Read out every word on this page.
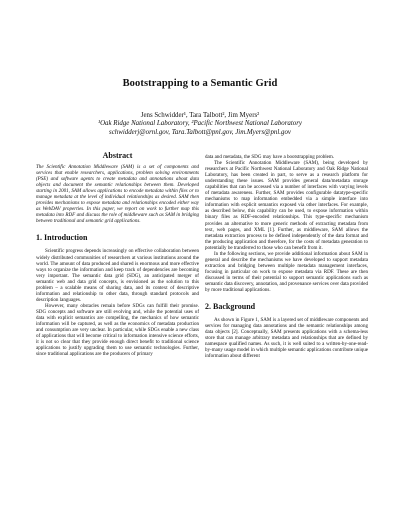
Bootstrapping to a Semantic Grid
Jens Schwidder¹, Tara Talbott², Jim Myers²
¹Oak Ridge National Laboratory, ²Pacific Northwest National Laboratory
schwidderj@ornl.gov, Tara.Talbott@pnl.gov, Jim.Myers@pnl.gov
Abstract

The Scientific Annotation Middleware (SAM) is a set of components and services that enable researchers, applications, problem solving environments (PSE) and software agents to create metadata and annotations about data objects and document the semantic relationships between them. Developed starting in 2001, SAM allows applications to encode metadata within files or to manage metadata at the level of individual relationships as desired. SAM then provides mechanisms to expose metadata and relationships encoded either way as WebDAV properties. In this paper, we report on work to further map this metadata into RDF and discuss the role of middleware such as SAM in bridging between traditional and semantic grid applications.

1. Introduction

Scientific progress depends increasingly on effective collaboration between widely distributed communities of researchers at various institutions around the world. The amount of data produced and shared is enormous and more effective ways to organize the information and keep track of dependencies are becoming very important. The semantic data grid (SDG), an anticipated merger of semantic web and data grid concepts, is envisioned as the solution to this problem – a scalable means of sharing data, and its context of descriptive information and relationship to other data, through standard protocols and description languages.

However, many obstacles remain before SDGs can fulfill their promise. SDG concepts and software are still evolving and, while the potential uses of data with explicit semantics are compelling, the mechanics of how semantic information will be captured, as well as the economics of metadata production and consumption are very unclear. In particular, while SDGs enable a new class of applications that will become critical to information intensive science efforts, it is not so clear that they provide enough direct benefit to traditional science applications to justify upgrading them to use semantic technologies. Further, since traditional applications are the producers of primary

data and metadata, the SDG may have a bootstrapping problem.

The Scientific Annotation Middleware (SAM), being developed by researchers at Pacific Northwest National Laboratory and Oak Ridge National Laboratory, has been created in part, to serve as a research platform for understanding these issues. SAM provides general data/metadata storage capabilities that can be accessed via a number of interfaces with varying levels of metadata awareness. Further, SAM provides configurable datatype-specific mechanisms to map information embedded via a simple interface into information with explicit semantics exposed via other interfaces. For example, as described below, this capability can be used, to expose information within binary files as RDF-encoded relationships. This type-specific mechanism provides an alternative to more generic methods of extracting metadata from text, web pages, and XML [1]. Further, as middleware, SAM allows the metadata extraction process to be defined independently of the data format and the producing application and therefore, for the costs of metadata generation to potentially be transferred to those who can benefit from it.

In the following sections, we provide additional information about SAM in general and describe the mechanisms we have developed to support metadata extraction and bridging between multiple metadata management interfaces, focusing in particular on work to expose metadata via RDF. These are then discussed in terms of their potential to support semantic applications such as semantic data discovery, annotation, and provenance services over data provided by more traditional applications.

2. Background

As shown in Figure 1, SAM is a layered set of middleware components and services for managing data annotations and the semantic relationships among data objects [2]. Conceptually, SAM presents applications with a schema-less store that can manage arbitrary metadata and relationships that are defined by namespace qualified names. As such, it is well suited to a written-by-one-read-by-many usage model in which multiple semantic applications contribute unique information about different
